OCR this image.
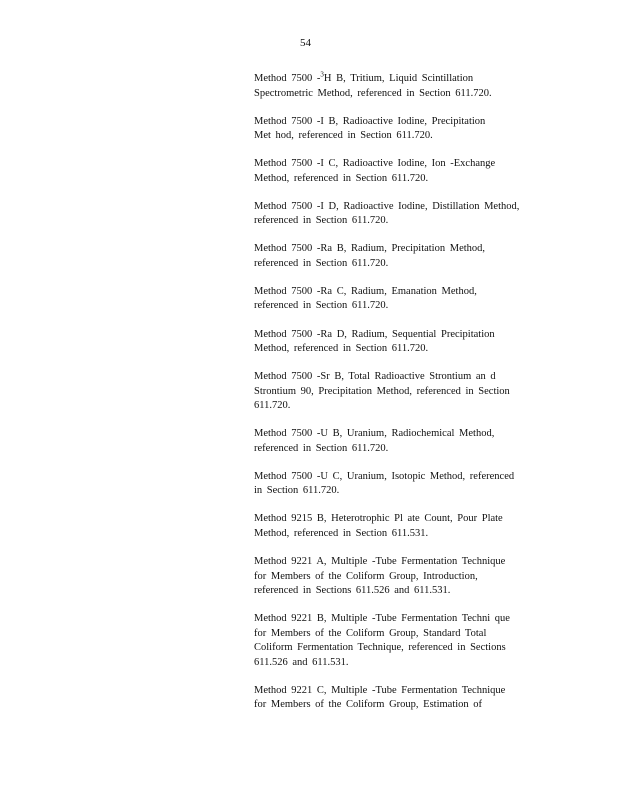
54

Method 7500 -$^3$H B, Tritium, Liquid Scintillation
Spectrometric Method, referenced in Section 611.720.

Method 7500 -I B, Radioactive Iodine, Precipitation
Met hod, referenced in Section 611.720.

Method 7500 -I C, Radioactive Iodine, Ion -Exchange
Method, referenced in Section 611.720.

Method 7500 -I D, Radioactive Iodine, Distillation Method,
referenced in Section 611.720.

Method 7500 -Ra B, Radium, Precipitation Method,
referenced in Section 611.720.

Method 7500 -Ra C, Radium, Emanation Method,
referenced in Section 611.720.

Method 7500 -Ra D, Radium, Sequential Precipitation
Method, referenced in Section 611.720.

Method 7500 -Sr B, Total Radioactive Strontium an d
Strontium 90, Precipitation Method, referenced in Section
611.720.

Method 7500 -U B, Uranium, Radiochemical Method,
referenced in Section 611.720.

Method 7500 -U C, Uranium, Isotopic Method, referenced
in Section 611.720.

Method 9215 B, Heterotrophic Pl ate Count, Pour Plate
Method, referenced in Section 611.531.

Method 9221 A, Multiple -Tube Fermentation Technique
for Members of the Coliform Group, Introduction,
referenced in Sections 611.526 and 611.531.

Method 9221 B, Multiple -Tube Fermentation Techni que
for Members of the Coliform Group, Standard Total
Coliform Fermentation Technique, referenced in Sections
611.526 and 611.531.

Method 9221 C, Multiple -Tube Fermentation Technique
for Members of the Coliform Group, Estimation of
